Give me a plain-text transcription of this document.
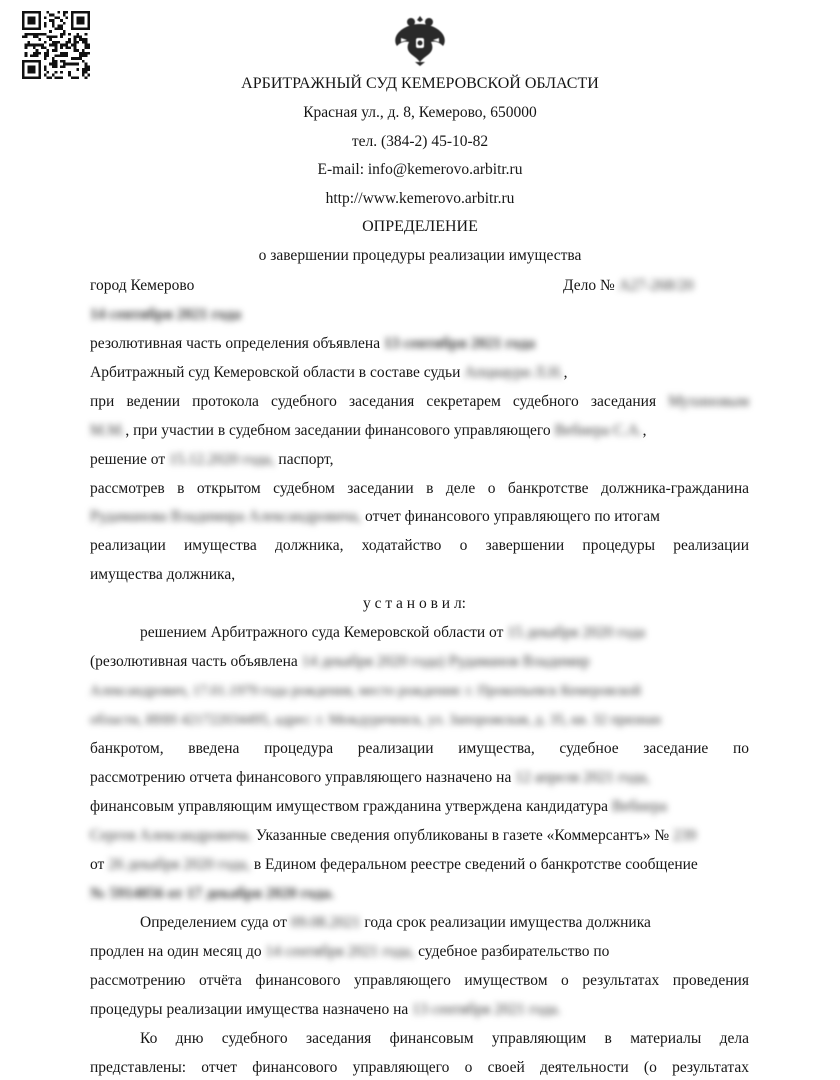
АРБИТРАЖНЫЙ СУД КЕМЕРОВСКОЙ ОБЛАСТИ
Красная ул., д. 8, Кемерово, 650000
тел. (384-2) 45-10-82
E-mail: info@kemerovo.arbitr.ru
http://www.kemerovo.arbitr.ru
ОПРЕДЕЛЕНИЕ
о завершении процедуры реализации имущества
город Кемерово	Дело № А27-268/20
14 сентября 2021 года
резолютивная часть определения объявлена 13 сентября 2021 года
Арбитражный суд Кемеровской области в составе судьи Апциаури Л.Н.,
при ведении протокола судебного заседания секретарем судебного заседания Мухиновым
М.М., при участии в судебном заседании финансового управляющего Вебнера С.А.,
решение от 15.12.2020 года, паспорт,
рассмотрев в открытом судебном заседании в деле о банкротстве должника-гражданина
Рудаманова Владимира Александровича, отчет финансового управляющего по итогам
реализации имущества должника, ходатайство о завершении процедуры реализации
имущества должника,
у с т а н о в и л:
решением Арбитражного суда Кемеровской области от 15 декабря 2020 года
(резолютивная часть объявлена 14 декабря 2020 года) Рудаманов Владимир
Александрович, 17.01.1979 года рождения, место рождения: г. Прокопьевск Кемеровской
области, ИНН 421722034495, адрес: г. Междуреченск, ул. Запорожская, д. 35, кв. 32 признан
банкротом, введена процедура реализации имущества, судебное заседание по
рассмотрению отчета финансового управляющего назначено на 12 апреля 2021 года,
финансовым управляющим имуществом гражданина утверждена кандидатура Вебнера
Сергея Александровича. Указанные сведения опубликованы в газете «Коммерсантъ» № 239
от 26 декабря 2020 года, в Едином федеральном реестре сведений о банкротстве сообщение
№ 5914056 от 17 декабря 2020 года.
Определением суда от 09.08.2021 года срок реализации имущества должника
продлен на один месяц до 14 сентября 2021 года, судебное разбирательство по
рассмотрению отчёта финансового управляющего имуществом о результатах проведения
процедуры реализации имущества назначено на 13 сентября 2021 года.
Ко дню судебного заседания финансовым управляющим в материалы дела
представлены: отчет финансового управляющего о своей деятельности (о результатах
